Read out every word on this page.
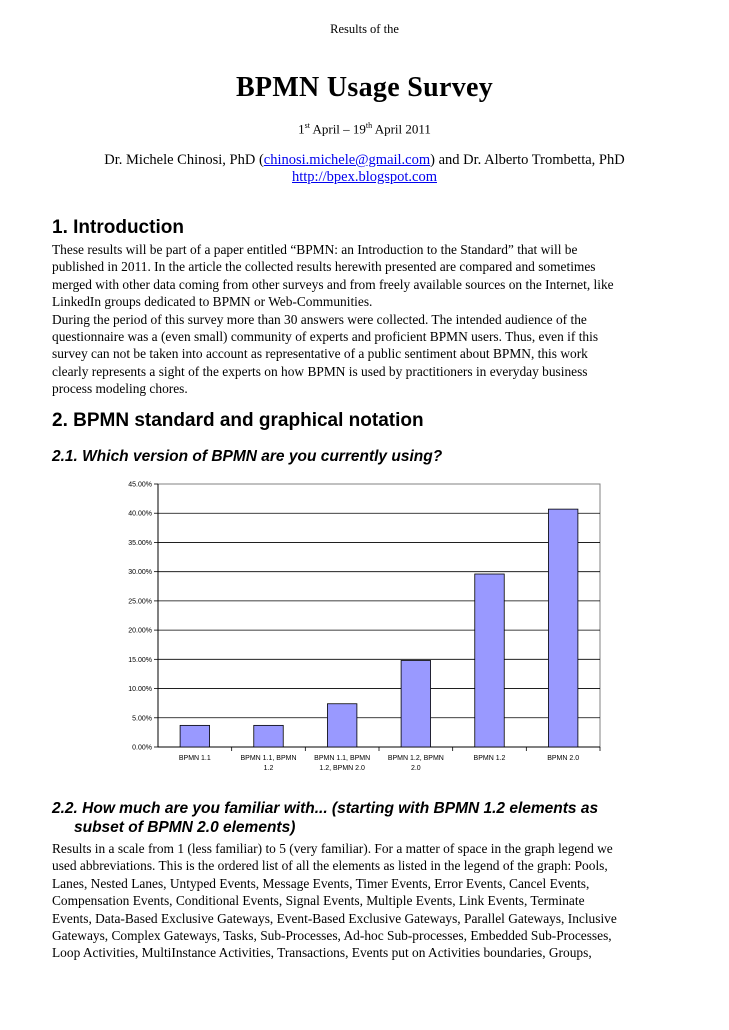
Results of the
BPMN Usage Survey
1st April – 19th April 2011
Dr. Michele Chinosi, PhD (chinosi.michele@gmail.com) and Dr. Alberto Trombetta, PhD
http://bpex.blogspot.com
1. Introduction
These results will be part of a paper entitled “BPMN: an Introduction to the Standard” that will be
published in 2011. In the article the collected results herewith presented are compared and sometimes
merged with other data coming from other surveys and from freely available sources on the Internet, like
LinkedIn groups dedicated to BPMN or Web-Communities.
During the period of this survey more than 30 answers were collected. The intended audience of the
questionnaire was a (even small) community of experts and proficient BPMN users. Thus, even if this
survey can not be taken into account as representative of a public sentiment about BPMN, this work
clearly represents a sight of the experts on how BPMN is used by practitioners in everyday business
process modeling chores.
2. BPMN standard and graphical notation
2.1. Which version of BPMN are you currently using?
0.00%
5.00%
10.00%
15.00%
20.00%
25.00%
30.00%
35.00%
40.00%
45.00%
BPMN 1.1	BPMN 1.1, BPMN
1.2
BPMN 1.1, BPMN
1.2, BPMN 2.0
BPMN 1.2, BPMN
2.0
BPMN 1.2	BPMN 2.0
2.2. How much are you familiar with... (starting with BPMN 1.2 elements as
subset of BPMN 2.0 elements)
Results in a scale from 1 (less familiar) to 5 (very familiar). For a matter of space in the graph legend we
used abbreviations. This is the ordered list of all the elements as listed in the legend of the graph: Pools,
Lanes, Nested Lanes, Untyped Events, Message Events, Timer Events, Error Events, Cancel Events,
Compensation Events, Conditional Events, Signal Events, Multiple Events, Link Events, Terminate
Events, Data-Based Exclusive Gateways, Event-Based Exclusive Gateways, Parallel Gateways, Inclusive
Gateways, Complex Gateways, Tasks, Sub-Processes, Ad-hoc Sub-processes, Embedded Sub-Processes,
Loop Activities, MultiInstance Activities, Transactions, Events put on Activities boundaries, Groups,
